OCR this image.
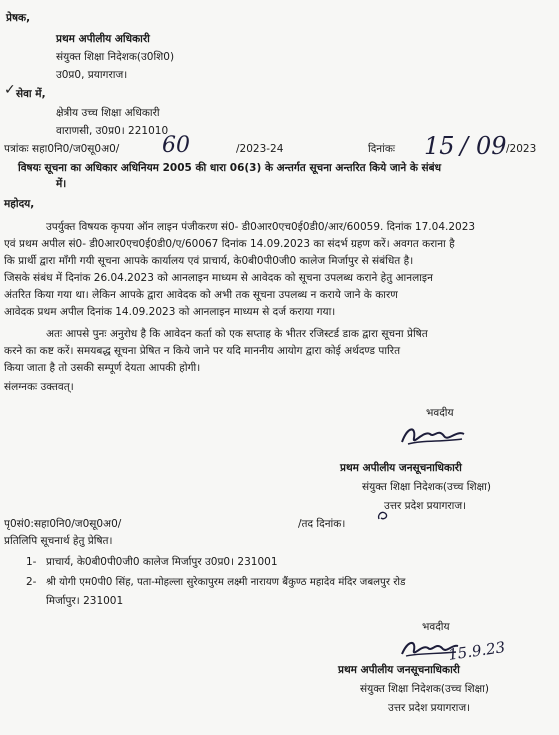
प्रेषक,
प्रथम अपीलीय अधिकारी
संयुक्त शिक्षा निदेशक(उ0शि0)
उ0प्र0, प्रयागराज।
✓ सेवा में,
क्षेत्रीय उच्च शिक्षा अधिकारी
वाराणसी, उ0प्र0। 221010
पत्रांकः सहा0नि0/ज0सू0अ0/ 60	/2023-24	दिनांकः 15 / 09 /2023
विषयः सूचना का अधिकार अधिनियम 2005 की धारा 06(3) के अन्तर्गत सूचना अन्तरित किये जाने के संबंध
में।
महोदय,
उपर्युक्त विषयक कृपया ऑन लाइन पंजीकरण सं0- डी0आर0एच0ई0डी0/आर/60059. दिनांक 17.04.2023
एवं प्रथम अपील सं0- डी0आर0एच0ई0डी0/ए/60067 दिनांक 14.09.2023 का संदर्भ ग्रहण करें। अवगत कराना है
कि प्रार्थी द्वारा माँगी गयी सूचना आपके कार्यालय एवं प्राचार्य, के0बी0पी0जी0 कालेज मिर्जापुर से संबंधित है।
जिसके संबंध में दिनांक 26.04.2023 को आनलाइन माध्यम से आवेदक को सूचना उपलब्ध कराने हेतु आनलाइन
अंतरित किया गया था। लेकिन आपके द्वारा आवेदक को अभी तक सूचना उपलब्ध न कराये जाने के कारण
आवेदक प्रथम अपील दिनांक 14.09.2023 को आनलाइन माध्यम से दर्ज कराया गया।
अतः आपसे पुनः अनुरोध है कि आवेदन कर्ता को एक सप्ताह के भीतर रजिस्टर्ड डाक द्वारा सूचना प्रेषित
करने का कष्ट करें। समयबद्ध सूचना प्रेषित न किये जाने पर यदि माननीय आयोग द्वारा कोई अर्थदण्ड पारित
किया जाता है तो उसकी सम्पूर्ण देयता आपकी होगी।
संलग्नकः उक्तवत्।
भवदीय
प्रथम अपीलीय जनसूचनाधिकारी
संयुक्त शिक्षा निदेशक(उच्च शिक्षा)
उत्तर प्रदेश प्रयागराज।
पृ0सं0:सहा0नि0/ज0सू0अ0/	/तद दिनांक।
प्रतिलिपि सूचनार्थ हेतु प्रेषित।
1- प्राचार्य, के0बी0पी0जी0 कालेज मिर्जापुर उ0प्र0। 231001
2- श्री योगी एम0पी0 सिंह, पता-मोहल्ला सुरेकापुरम लक्ष्मी नारायण बैंकुण्ठ महादेव मंदिर जबलपुर रोड
मिर्जापुर। 231001
भवदीय
15.9.23
प्रथम अपीलीय जनसूचनाधिकारी
संयुक्त शिक्षा निदेशक(उच्च शिक्षा)
उत्तर प्रदेश प्रयागराज।
